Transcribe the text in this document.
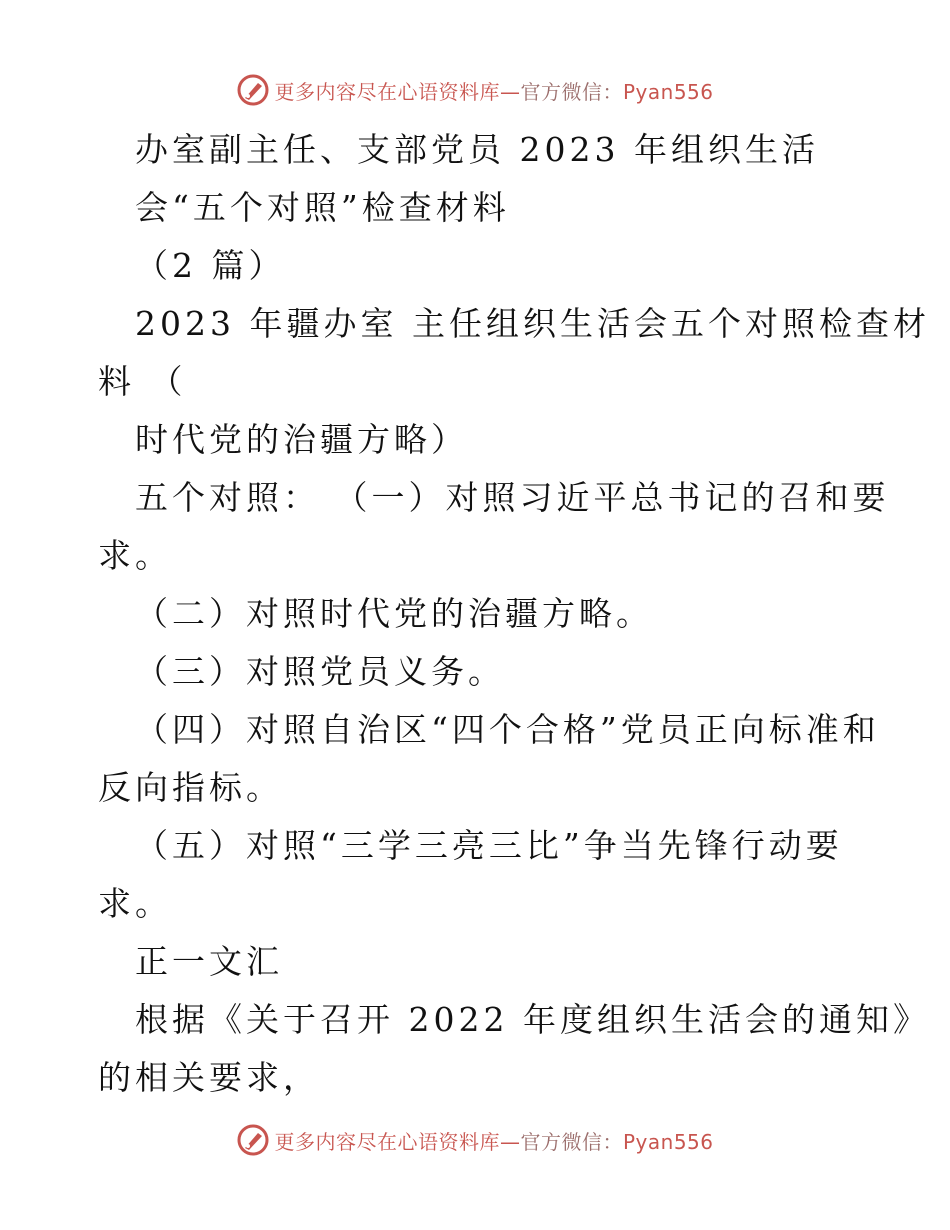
更多内容尽在心语资料库—官方微信：Pyan556
办室副主任、支部党员 2023 年组织生活
会“五个对照”检查材料
（2 篇）
2023 年疆办室 主任组织生活会五个对照检查材
料 （
时代党的治疆方略）
五个对照： （一）对照习近平总书记的召和要
求。
（二）对照时代党的治疆方略。
（三）对照党员义务。
（四）对照自治区“四个合格”党员正向标准和
反向指标。
（五）对照“三学三亮三比”争当先锋行动要
求。
正一文汇
根据《关于召开 2022 年度组织生活会的通知》
的相关要求，
更多内容尽在心语资料库—官方微信：Pyan556
